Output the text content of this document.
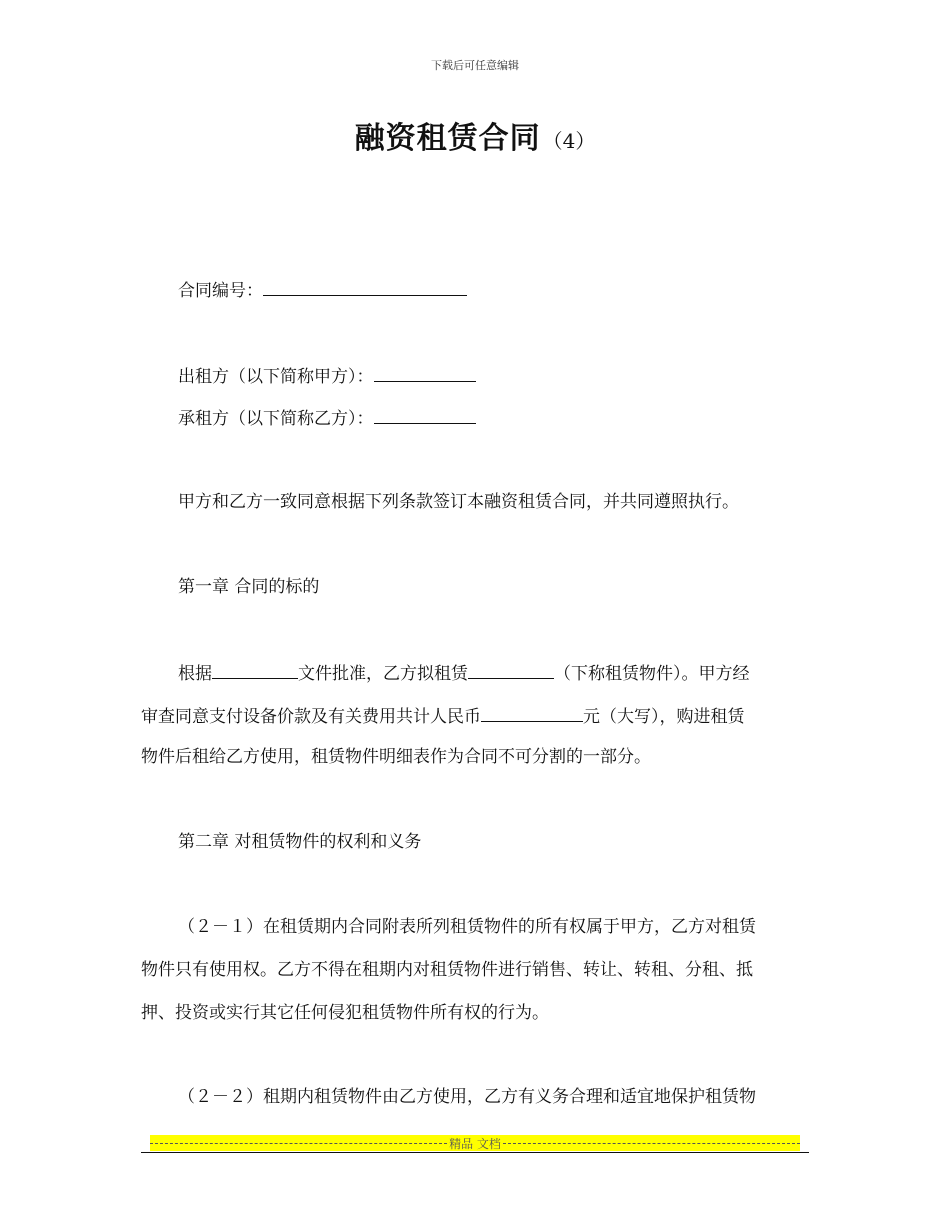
下载后可任意编辑
融资租赁合同 （4）
合同编号：
出租方（以下简称甲方）：
承租方（以下简称乙方）：
甲方和乙方一致同意根据下列条款签订本融资租赁合同，并共同遵照执行。
第一章 合同的标的
根据	文件批准，乙方拟租赁	（下称租赁物件）。甲方经
审查同意支付设备价款及有关费用共计人民币	元（大写），购进租赁
物件后租给乙方使用，租赁物件明细表作为合同不可分割的一部分。
第二章 对租赁物件的权利和义务
（２－１）在租赁期内合同附表所列租赁物件的所有权属于甲方，乙方对租赁
物件只有使用权。乙方不得在租期内对租赁物件进行销售、转让、转租、分租、抵
押、投资或实行其它任何侵犯租赁物件所有权的行为。
（２－２）租期内租赁物件由乙方使用，乙方有义务合理和适宜地保护租赁物
精品 文档
